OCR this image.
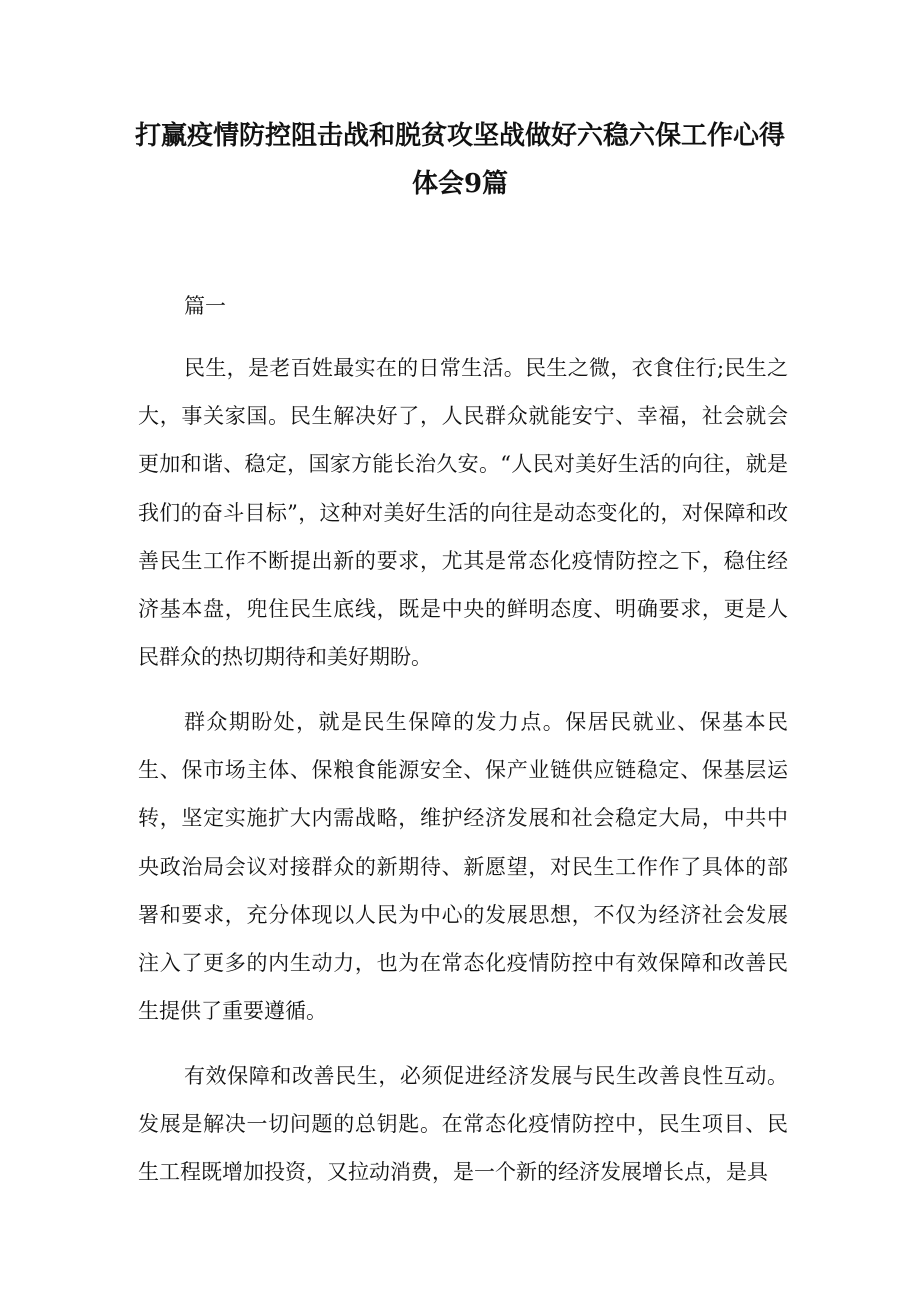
打赢疫情防控阻击战和脱贫攻坚战做好六稳六保工作心得
体会9篇

篇一

民生，是老百姓最实在的日常生活。民生之微，衣食住行;民生之大，事关家国。民生解决好了，人民群众就能安宁、幸福，社会就会更加和谐、稳定，国家方能长治久安。“人民对美好生活的向往，就是我们的奋斗目标”，这种对美好生活的向往是动态变化的，对保障和改善民生工作不断提出新的要求，尤其是常态化疫情防控之下，稳住经济基本盘，兜住民生底线，既是中央的鲜明态度、明确要求，更是人民群众的热切期待和美好期盼。

群众期盼处，就是民生保障的发力点。保居民就业、保基本民生、保市场主体、保粮食能源安全、保产业链供应链稳定、保基层运转，坚定实施扩大内需战略，维护经济发展和社会稳定大局，中共中央政治局会议对接群众的新期待、新愿望，对民生工作作了具体的部署和要求，充分体现以人民为中心的发展思想，不仅为经济社会发展注入了更多的内生动力，也为在常态化疫情防控中有效保障和改善民生提供了重要遵循。

有效保障和改善民生，必须促进经济发展与民生改善良性互动。发展是解决一切问题的总钥匙。在常态化疫情防控中，民生项目、民生工程既增加投资，又拉动消费，是一个新的经济发展增长点，是具
